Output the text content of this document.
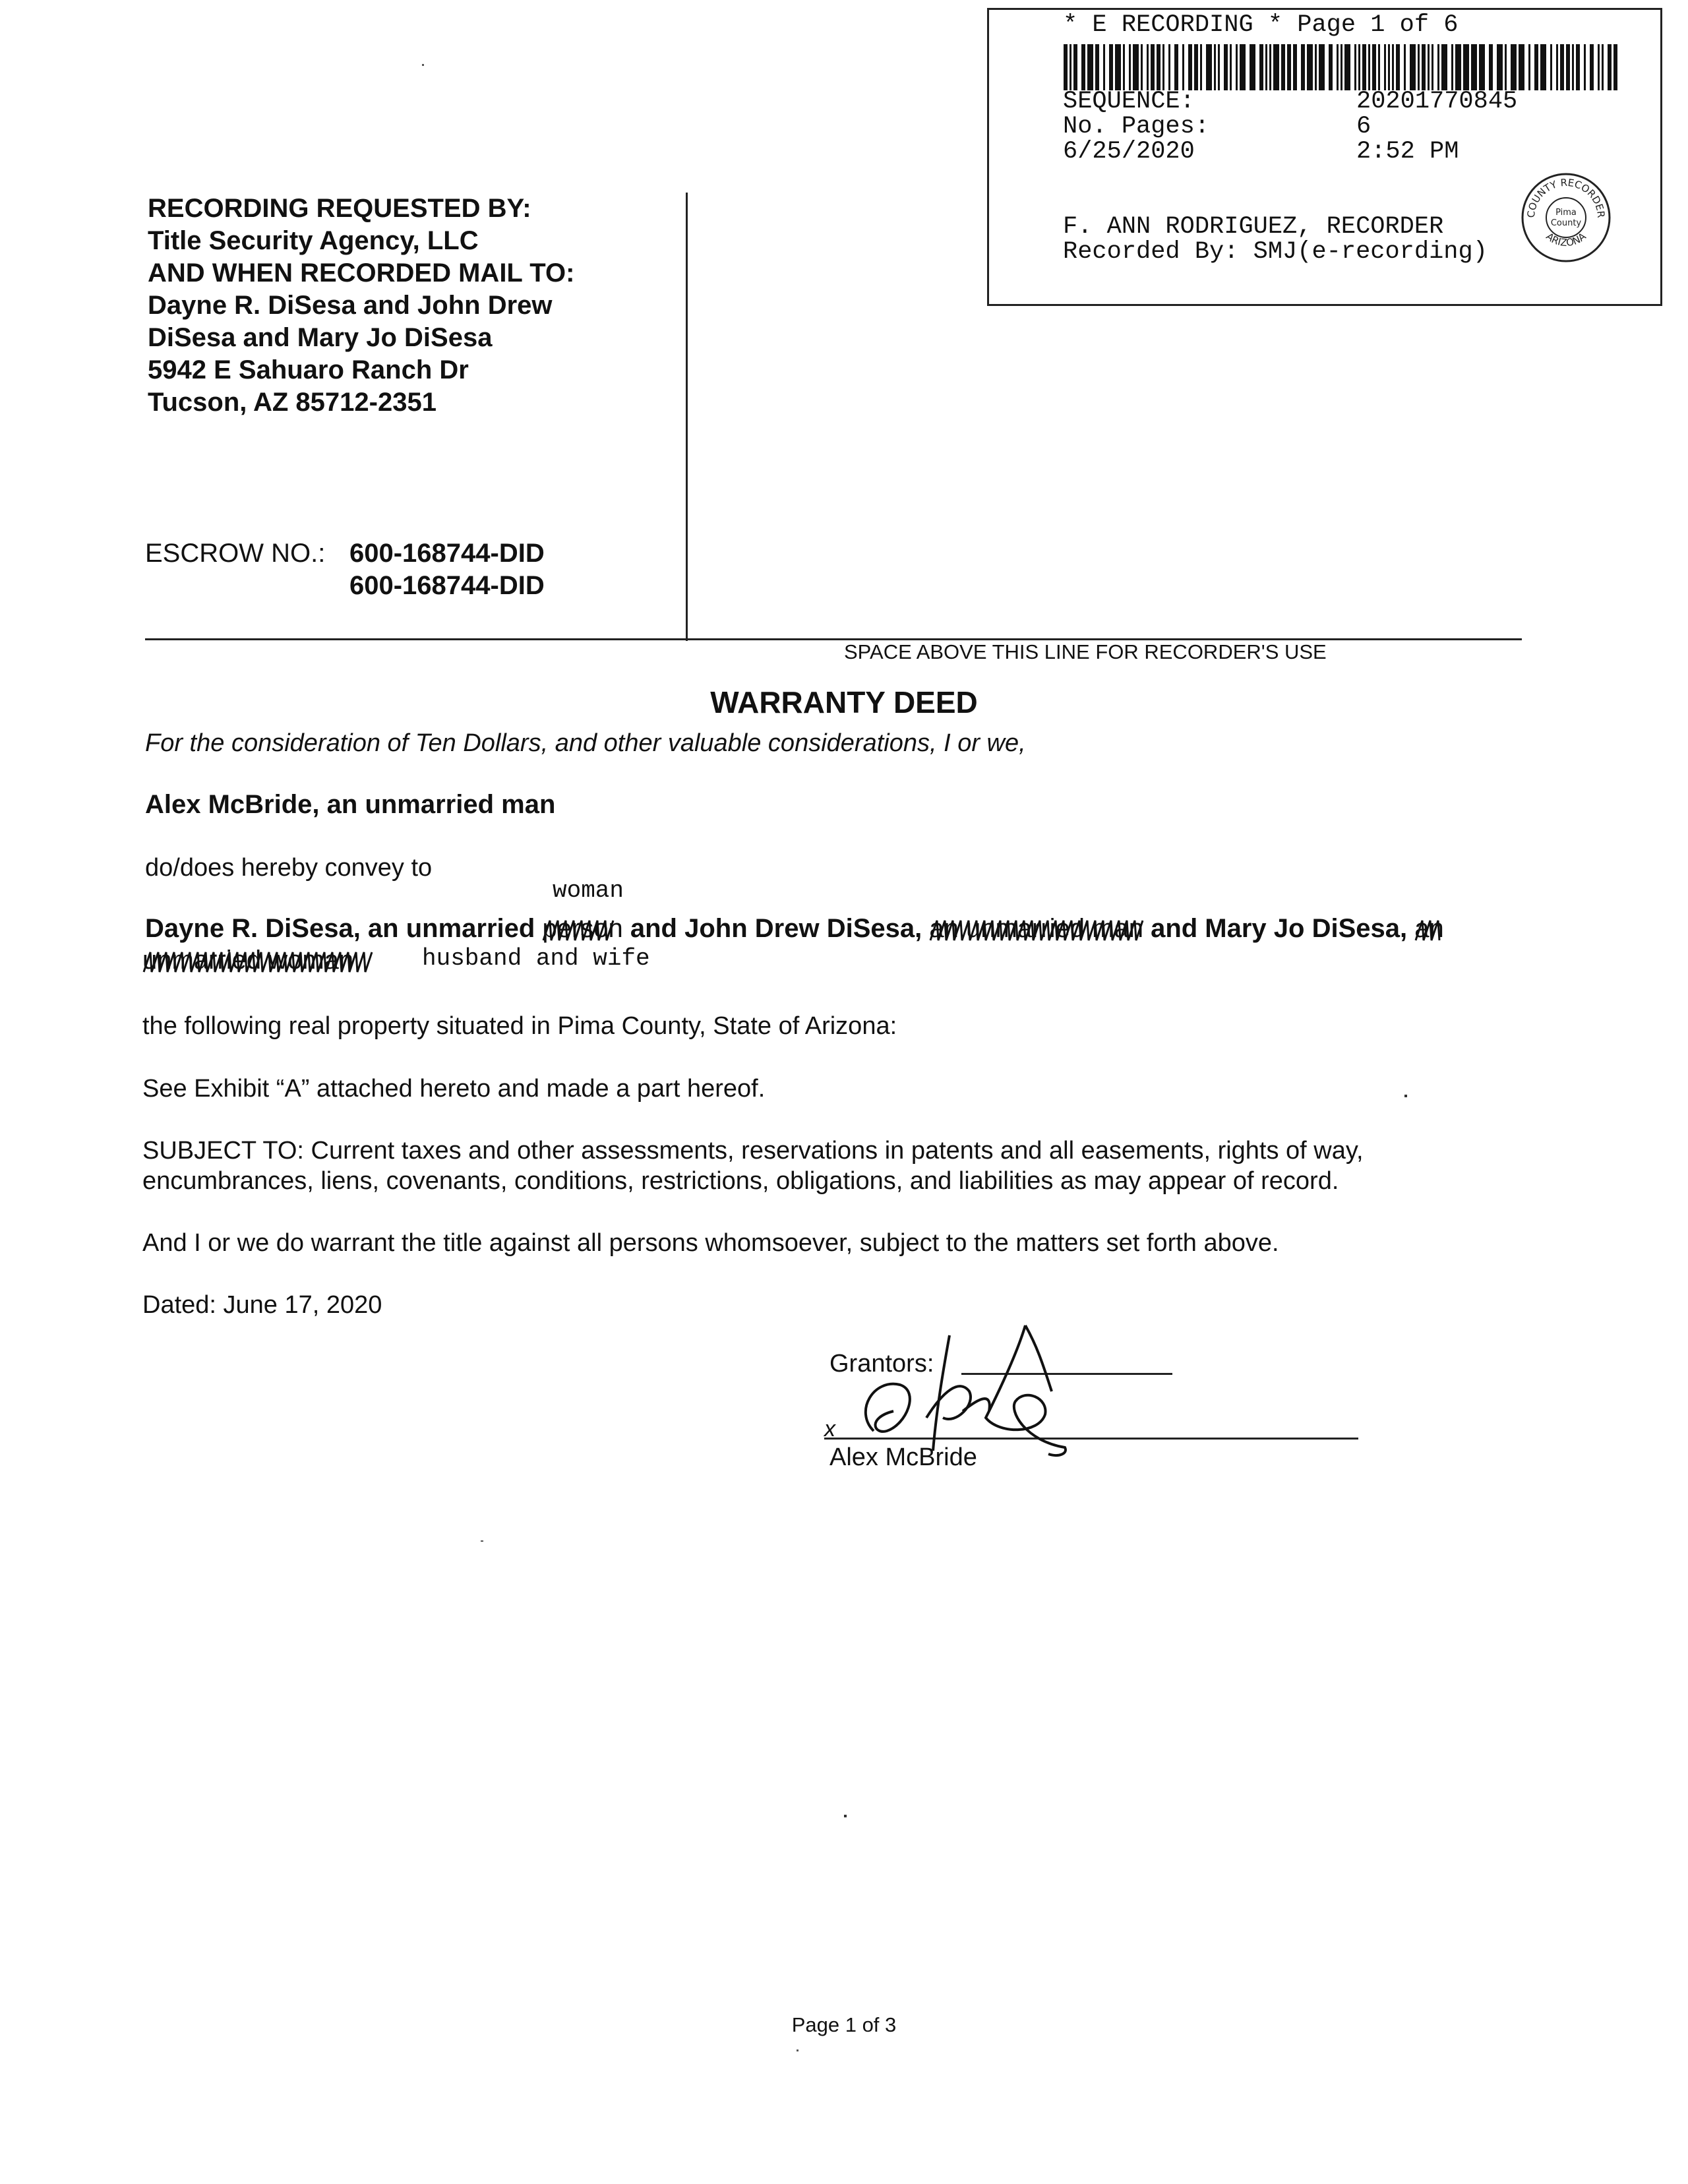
* E RECORDING * Page 1 of 6
SEQUENCE:	20201770845
No. Pages:	6
6/25/2020	2:52 PM
F. ANN RODRIGUEZ, RECORDER
Recorded By: SMJ(e-recording)
COUNTY RECORDER
ARIZONA
Pima
County
RECORDING REQUESTED BY:
Title Security Agency, LLC
AND WHEN RECORDED MAIL TO:
Dayne R. DiSesa and John Drew
DiSesa and Mary Jo DiSesa
5942 E Sahuaro Ranch Dr
Tucson, AZ 85712-2351
ESCROW NO.: 600-168744-DID
600-168744-DID
SPACE ABOVE THIS LINE FOR RECORDER'S USE
WARRANTY DEED
For the consideration of Ten Dollars, and other valuable considerations, I or we,
Alex McBride, an unmarried man
do/does hereby convey to
woman
Dayne R. DiSesa, an unmarried person
and John Drew DiSesa, an unmarried man
and Mary Jo DiSesa, an
unmarried woman	husband and wife
the following real property situated in Pima County, State of Arizona:
See Exhibit “A” attached hereto and made a part hereof.
SUBJECT TO: Current taxes and other assessments, reservations in patents and all easements, rights of way,
encumbrances, liens, covenants, conditions, restrictions, obligations, and liabilities as may appear of record.
And I or we do warrant the title against all persons whomsoever, subject to the matters set forth above.
Dated: June 17, 2020
Grantors:
x
Alex McBride
Page 1 of 3
